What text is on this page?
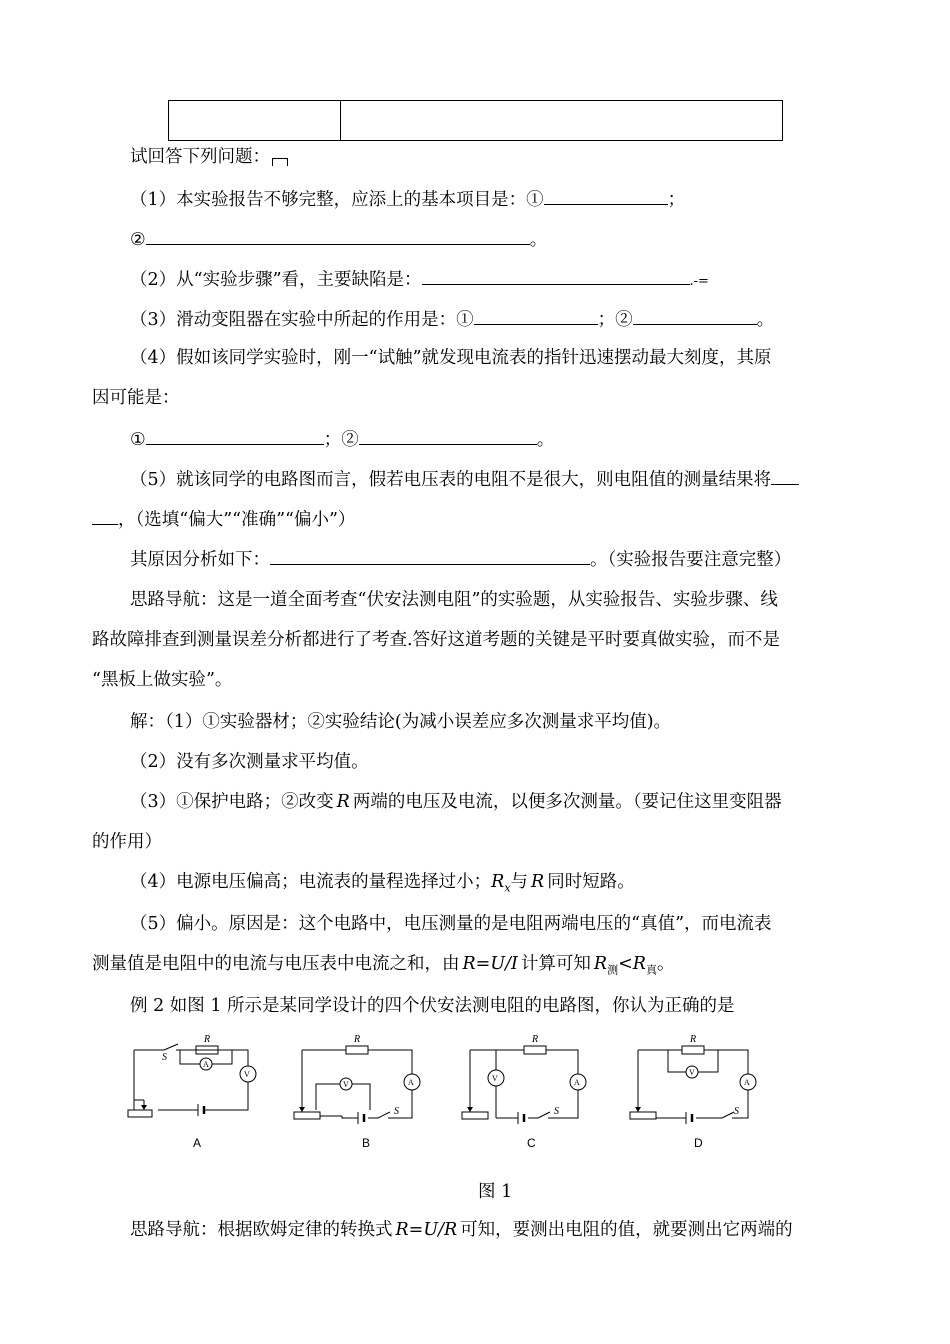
试回答下列问题：
（1）本实验报告不够完整，应添上的基本项目是：①	；
②	。
（2）从“实验步骤”看，主要缺陷是：	.-=
（3）滑动变阻器在实验中所起的作用是：①	；②	。
（4）假如该同学实验时，刚一“试触”就发现电流表的指针迅速摆动最大刻度，其原
因可能是：
①	；②	。
（5）就该同学的电路图而言，假若电压表的电阻不是很大，则电阻值的测量结果将
，（选填“偏大”“准确”“偏小”）
其原因分析如下：	。（实验报告要注意完整）
思路导航：这是一道全面考查“伏安法测电阻”的实验题，从实验报告、实验步骤、线
路故障排查到测量误差分析都进行了考查.答好这道考题的关键是平时要真做实验，而不是
“黑板上做实验”。
解：（1）①实验器材；②实验结论(为减小误差应多次测量求平均值)。
（2）没有多次测量求平均值。
（3）①保护电路；②改变 R 两端的电压及电流，以便多次测量。（要记住这里变阻器
的作用）
（4）电源电压偏高；电流表的量程选择过小；$R_x$与 R 同时短路。
（5）偏小。原因是：这个电路中，电压测量的是电阻两端电压的“真值”，而电流表
测量值是电阻中的电流与电压表中电流之和，由 R=U/I 计算可知 $R_测<R_真$。
例 2 如图 1 所示是某同学设计的四个伏安法测电阻的电路图，你认为正确的是
S
R
A
V
R
A
V
S
R
A
V
S
R
V
A
S
A	B	C	D
图 1
思路导航：根据欧姆定律的转换式 R=U/R 可知，要测出电阻的值，就要测出它两端的
